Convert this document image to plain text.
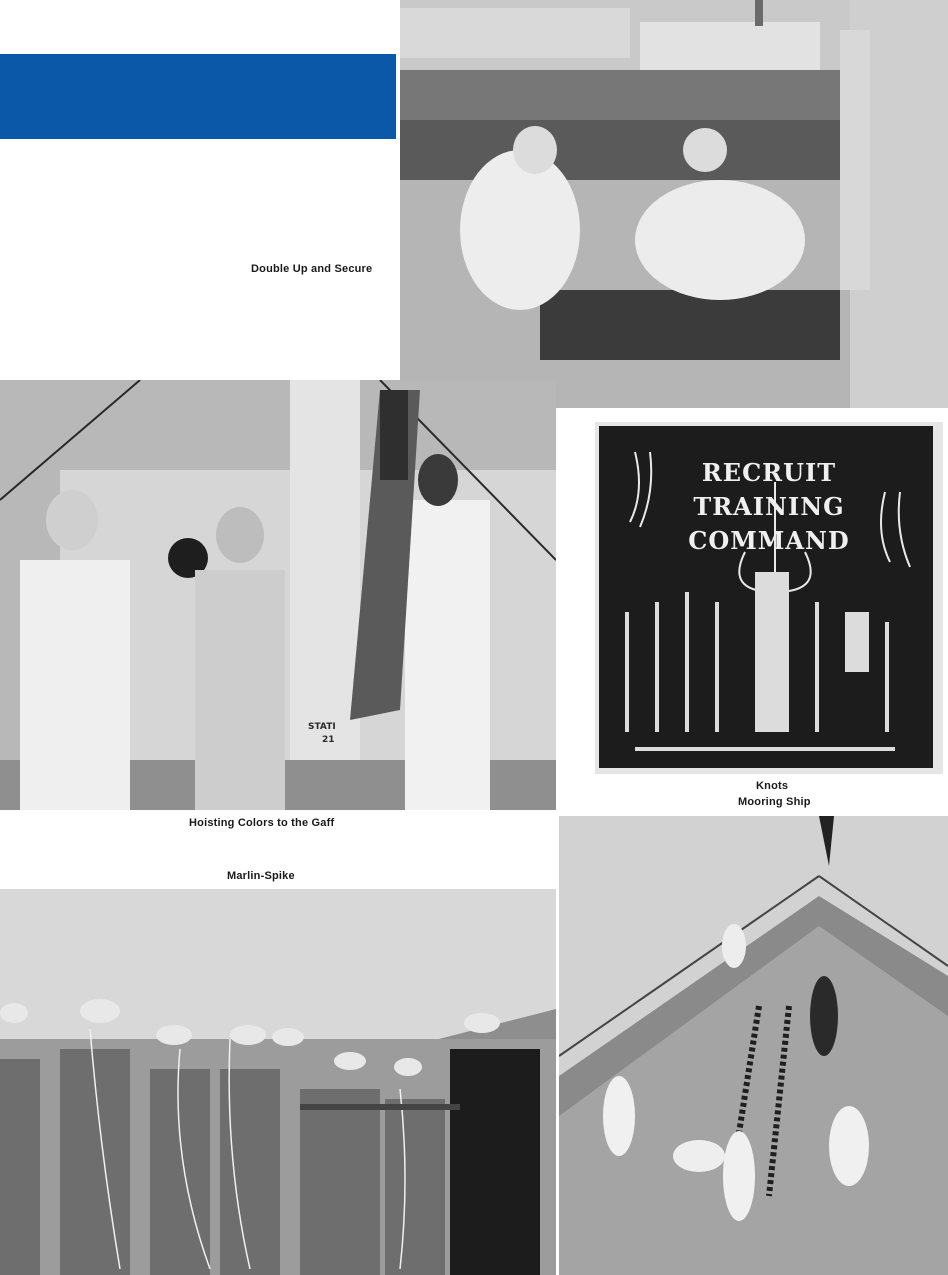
Double Up and Secure
STATI
21
Hoisting Colors to the Gaff
RECRUIT
TRAINING
COMMAND
Knots
Mooring Ship
Marlin-Spike
